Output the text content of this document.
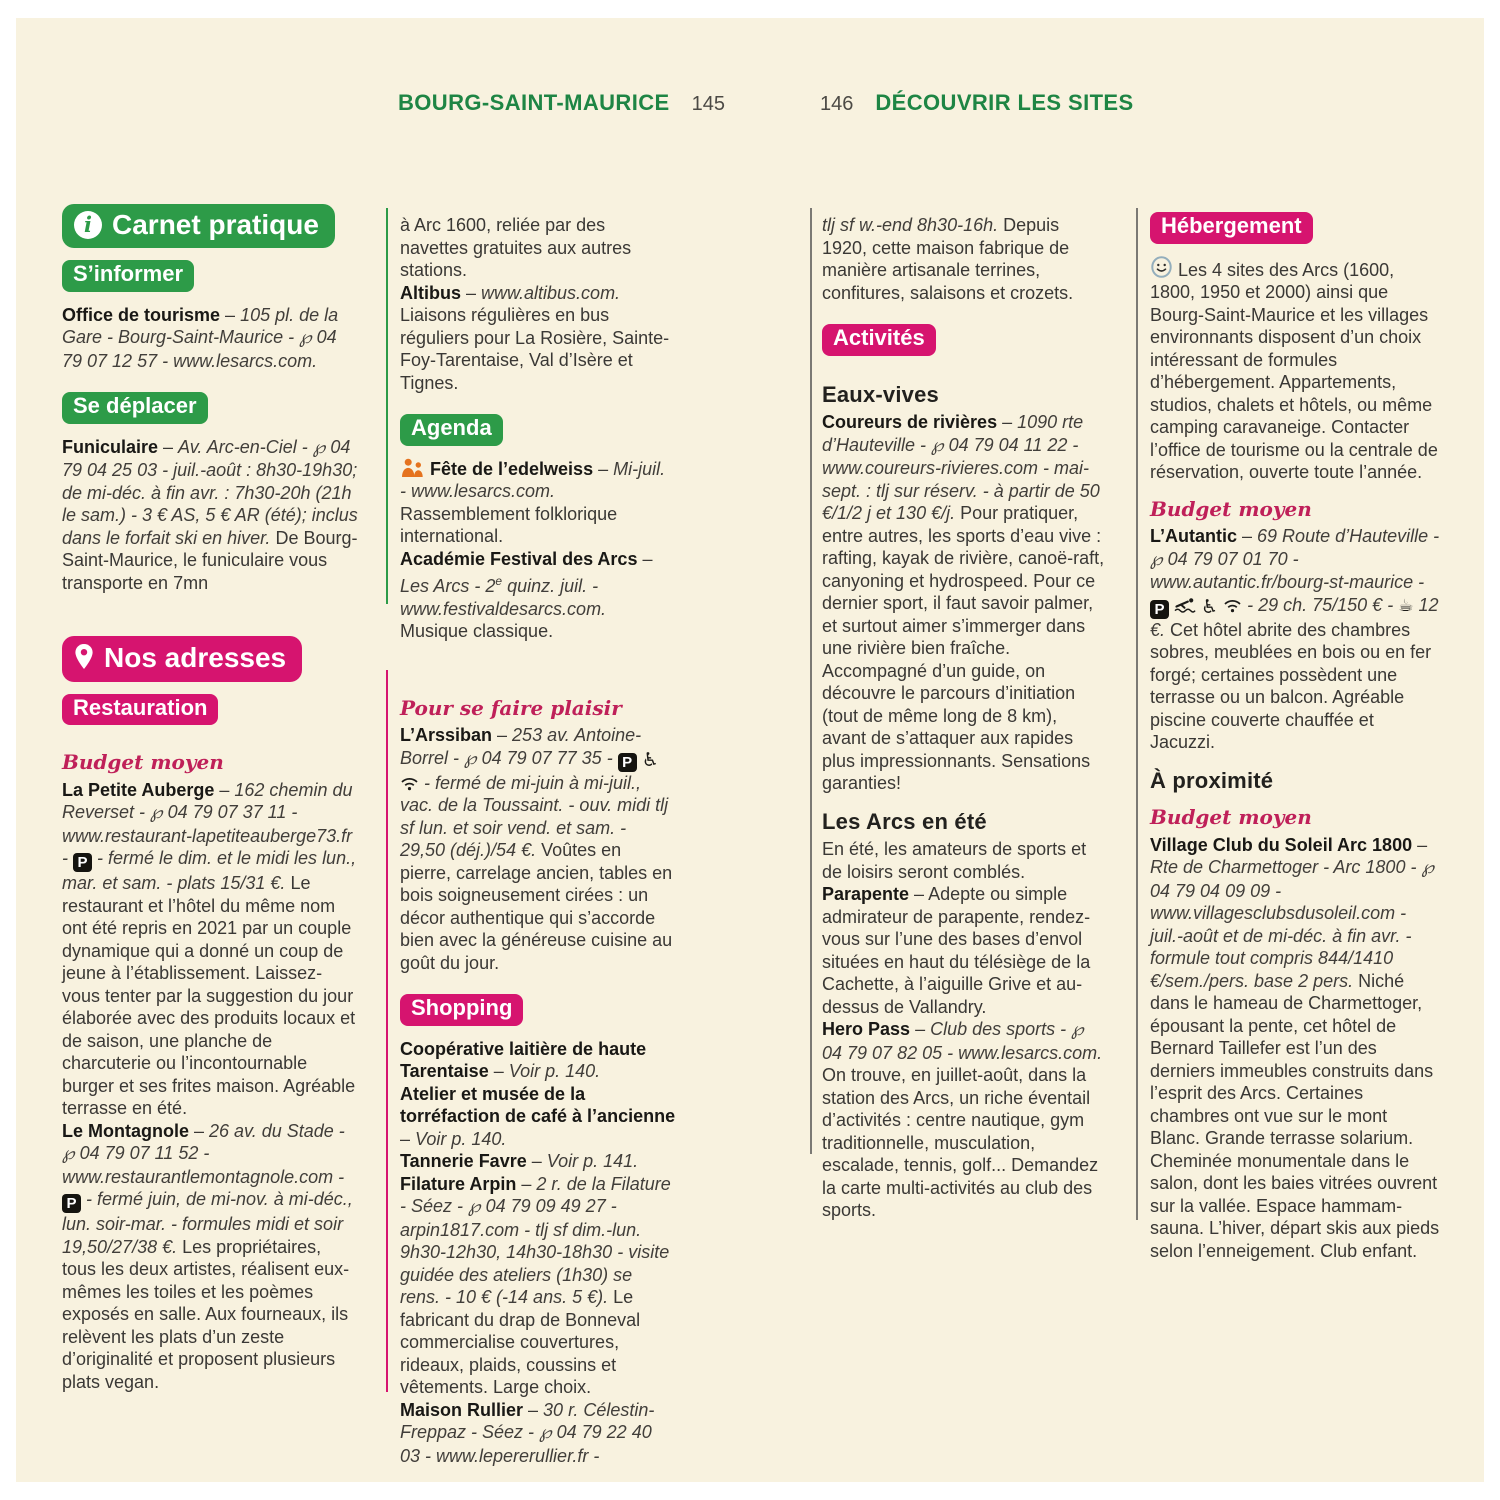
BOURG-SAINT-MAURICE 145	146 DÉCOUVRIR LES SITES
i Carnet pratique
S’informer

Office de tourisme – 105 pl. de la Gare - Bourg-Saint-Maurice - ℘ 04 79 07 12 57 - www.lesarcs.com.

Se déplacer

Funiculaire – Av. Arc-en-Ciel - ℘ 04 79 04 25 03 - juil.-août : 8h30-19h30; de mi-déc. à fin avr. : 7h30-20h (21h le sam.) - 3 € AS, 5 € AR (été); inclus dans le forfait ski en hiver. De Bourg-Saint-Maurice, le funiculaire vous transporte en 7mn

Nos adresses
Restauration
Budget moyen

La Petite Auberge – 162 chemin du Reverset - ℘ 04 79 07 37 11 - www.restaurant-lapetiteauberge73.fr - P - fermé le dim. et le midi les lun., mar. et sam. - plats 15/31 €. Le restaurant et l’hôtel du même nom ont été repris en 2021 par un couple dynamique qui a donné un coup de jeune à l’établissement. Laissez-vous tenter par la suggestion du jour élaborée avec des produits locaux et de saison, une planche de charcuterie ou l’incontournable burger et ses frites maison. Agréable terrasse en été.

Le Montagnole – 26 av. du Stade - ℘ 04 79 07 11 52 - www.restaurantlemontagnole.com - P - fermé juin, de mi-nov. à mi-déc., lun. soir-mar. - formules midi et soir 19,50/27/38 €. Les propriétaires, tous les deux artistes, réalisent eux-mêmes les toiles et les poèmes exposés en salle. Aux fourneaux, ils relèvent les plats d’un zeste d’originalité et proposent plusieurs plats vegan.

à Arc 1600, reliée par des navettes gratuites aux autres stations.

Altibus – www.altibus.com. Liaisons régulières en bus réguliers pour La Rosière, Sainte-Foy-Tarentaise, Val d’Isère et Tignes.

Agenda

Fête de l’edelweiss – Mi-juil. - www.lesarcs.com. Rassemblement folklorique international.

Académie Festival des Arcs – Les Arcs - 2e quinz. juil. - www.festivaldesarcs.com. Musique classique.

Pour se faire plaisir

L’Arssiban – 253 av. Antoine-Borrel - ℘ 04 79 07 77 35 - P ♿  - fermé de mi-juin à mi-juil., vac. de la Toussaint. - ouv. midi tlj sf lun. et soir vend. et sam. - 29,50 (déj.)/54 €. Voûtes en pierre, carrelage ancien, tables en bois soigneusement cirées : un décor authentique qui s’accorde bien avec la généreuse cuisine au goût du jour.

Shopping

Coopérative laitière de haute Tarentaise – Voir p. 140.

Atelier et musée de la torréfaction de café à l’ancienne – Voir p. 140.

Tannerie Favre – Voir p. 141.

Filature Arpin – 2 r. de la Filature - Séez - ℘ 04 79 09 49 27 - arpin1817.com - tlj sf dim.-lun. 9h30-12h30, 14h30-18h30 - visite guidée des ateliers (1h30) se rens. - 10 € (-14 ans. 5 €). Le fabricant du drap de Bonneval commercialise couvertures, rideaux, plaids, coussins et vêtements. Large choix.

Maison Rullier – 30 r. Célestin-Freppaz - Séez - ℘ 04 79 22 40 03 - www.lepererullier.fr -

tlj sf w.-end 8h30-16h. Depuis 1920, cette maison fabrique de manière artisanale terrines, confitures, salaisons et crozets.

Activités
Eaux-vives

Coureurs de rivières – 1090 rte d’Hauteville - ℘ 04 79 04 11 22 - www.coureurs-rivieres.com - mai-sept. : tlj sur réserv. - à partir de 50 €/1/2 j et 130 €/j. Pour pratiquer, entre autres, les sports d’eau vive : rafting, kayak de rivière, canoë-raft, canyoning et hydrospeed. Pour ce dernier sport, il faut savoir palmer, et surtout aimer s’immerger dans une rivière bien fraîche. Accompagné d’un guide, on découvre le parcours d’initiation (tout de même long de 8 km), avant de s’attaquer aux rapides plus impressionnants. Sensations garanties!

Les Arcs en été

En été, les amateurs de sports et de loisirs seront comblés.

Parapente – Adepte ou simple admirateur de parapente, rendez-vous sur l’une des bases d’envol situées en haut du télésiège de la Cachette, à l’aiguille Grive et au-dessus de Vallandry.

Hero Pass – Club des sports - ℘ 04 79 07 82 05 - www.lesarcs.com. On trouve, en juillet-août, dans la station des Arcs, un riche éventail d’activités : centre nautique, gym traditionnelle, musculation, escalade, tennis, golf... Demandez la carte multi-activités au club des sports.

Hébergement

Les 4 sites des Arcs (1600, 1800, 1950 et 2000) ainsi que Bourg-Saint-Maurice et les villages environnants disposent d’un choix intéressant de formules d’hébergement. Appartements, studios, chalets et hôtels, ou même camping caravaneige. Contacter l’office de tourisme ou la centrale de réservation, ouverte toute l’année.

Budget moyen

L’Autantic – 69 Route d’Hauteville - ℘ 04 79 07 01 70 - www.autantic.fr/bourg-st-maurice - P ♿  - 29 ch. 75/150 € - ☕ 12 €. Cet hôtel abrite des chambres sobres, meublées en bois ou en fer forgé; certaines possèdent une terrasse ou un balcon. Agréable piscine couverte chauffée et Jacuzzi.

À proximité
Budget moyen

Village Club du Soleil Arc 1800 – Rte de Charmettoger - Arc 1800 - ℘ 04 79 04 09 09 - www.villagesclubsdusoleil.com - juil.-août et de mi-déc. à fin avr. - formule tout compris 844/1410 €/sem./pers. base 2 pers. Niché dans le hameau de Charmettoger, épousant la pente, cet hôtel de Bernard Taillefer est l’un des derniers immeubles construits dans l’esprit des Arcs. Certaines chambres ont vue sur le mont Blanc. Grande terrasse solarium. Cheminée monumentale dans le salon, dont les baies vitrées ouvrent sur la vallée. Espace hammam-sauna. L’hiver, départ skis aux pieds selon l’enneigement. Club enfant.
